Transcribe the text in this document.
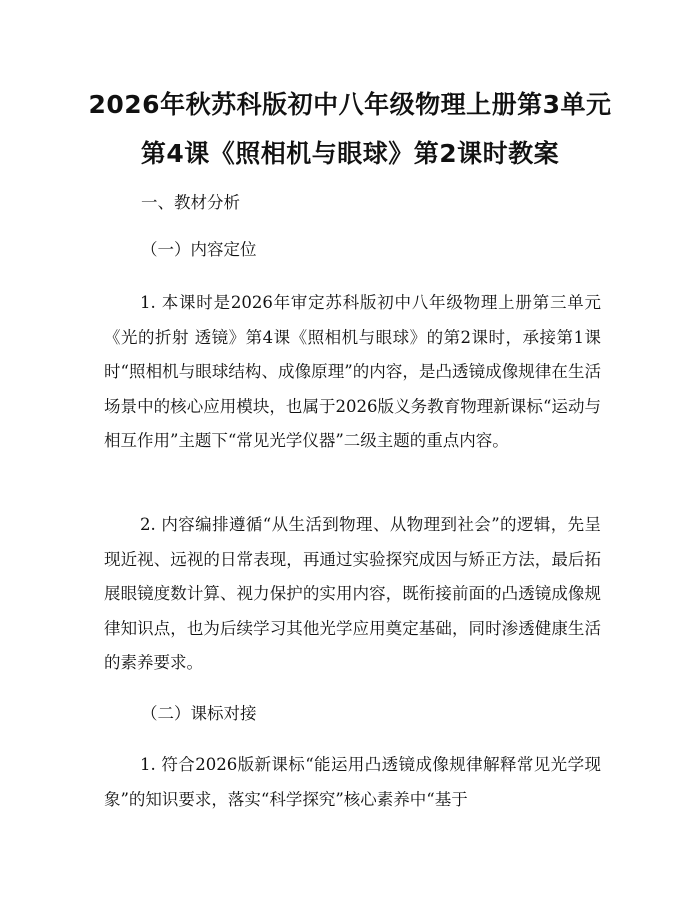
2026年秋苏科版初中八年级物理上册第3单元第4课《照相机与眼球》第2课时教案

一、教材分析

（一）内容定位

1. 本课时是2026年审定苏科版初中八年级物理上册第三单元《光的折射 透镜》第4课《照相机与眼球》的第2课时，承接第1课时“照相机与眼球结构、成像原理”的内容，是凸透镜成像规律在生活场景中的核心应用模块，也属于2026版义务教育物理新课标“运动与相互作用”主题下“常见光学仪器”二级主题的重点内容。

2. 内容编排遵循“从生活到物理、从物理到社会”的逻辑，先呈现近视、远视的日常表现，再通过实验探究成因与矫正方法，最后拓展眼镜度数计算、视力保护的实用内容，既衔接前面的凸透镜成像规律知识点，也为后续学习其他光学应用奠定基础，同时渗透健康生活的素养要求。

（二）课标对接

1. 符合2026版新课标“能运用凸透镜成像规律解释常见光学现象”的知识要求，落实“科学探究”核心素养中“基于
